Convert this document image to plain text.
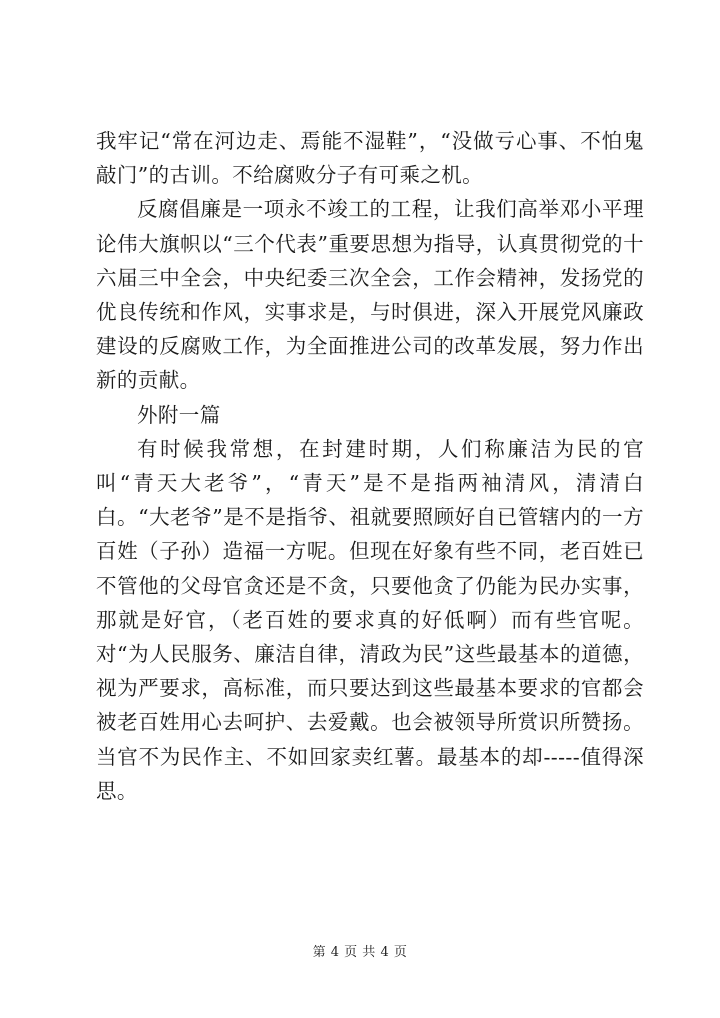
我牢记“常在河边走、焉能不湿鞋”，“没做亏心事、不怕鬼敲门”的古训。不给腐败分子有可乘之机。

反腐倡廉是一项永不竣工的工程，让我们高举邓小平理论伟大旗帜以“三个代表”重要思想为指导，认真贯彻党的十六届三中全会，中央纪委三次全会，工作会精神，发扬党的优良传统和作风，实事求是，与时俱进，深入开展党风廉政建设的反腐败工作，为全面推进公司的改革发展，努力作出新的贡献。

外附一篇

有时候我常想，在封建时期，人们称廉洁为民的官叫“青天大老爷”，“青天”是不是指两袖清风，清清白白。“大老爷”是不是指爷、祖就要照顾好自已管辖内的一方百姓（子孙）造福一方呢。但现在好象有些不同，老百姓已不管他的父母官贪还是不贪，只要他贪了仍能为民办实事，那就是好官，（老百姓的要求真的好低啊）而有些官呢。对“为人民服务、廉洁自律，清政为民”这些最基本的道德，视为严要求，高标准，而只要达到这些最基本要求的官都会被老百姓用心去呵护、去爱戴。也会被领导所赏识所赞扬。当官不为民作主、不如回家卖红薯。最基本的却-----值得深思。

第 4 页 共 4 页
